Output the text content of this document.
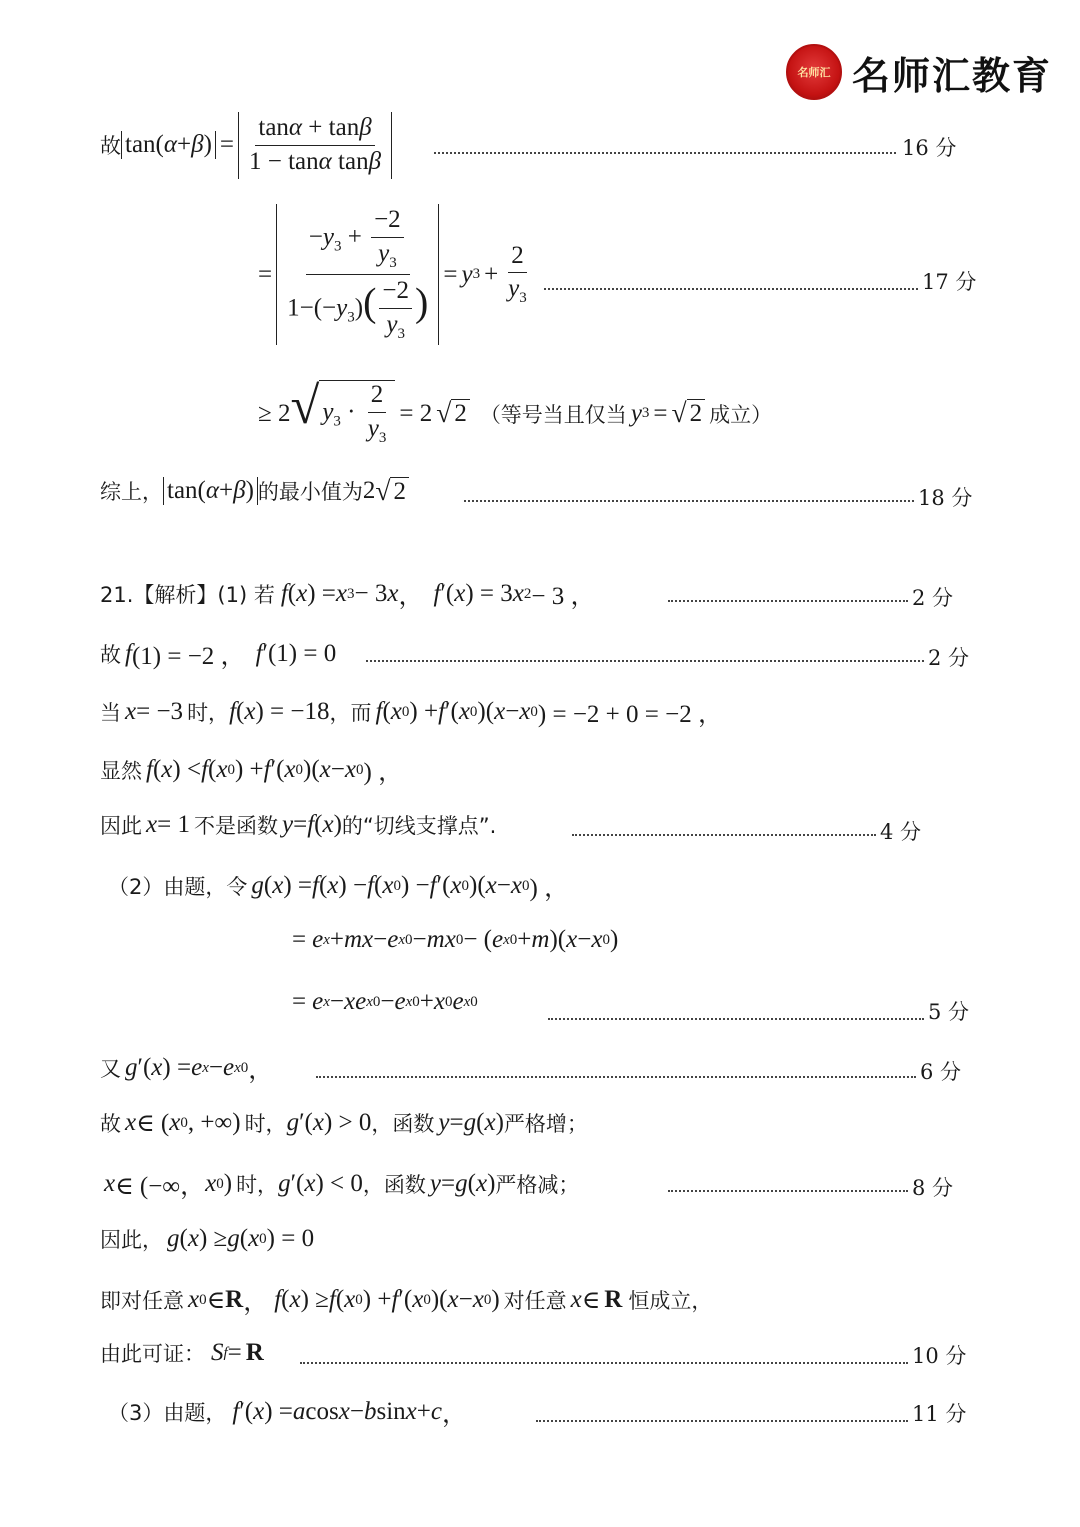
名师汇 名师汇教育
故 $\tan(\alpha+\beta) = \frac{\tan\alpha + \tan\beta}{\text{1 − tanα tanβ}}$	16 分
= $\frac{-y_3 + \frac{-2}{y_3}}{1-(-y_3)( \frac{-2}{y_3} )} = y$ $3 + \frac{2}{y_3}$	17 分
≥ 2 √ $y_3 \cdot \frac{2}{y_3} = 2$ √ 2 （等号当且仅当 y 3 = √ 2 成立）
综上， tan(α+β) 的最小值为 2 √ 2	18 分
21.【解析】(1) 若 f ( x ) = x 3 − 3 x ， f ′( x ) = 3 x 2 − 3 ，	2 分
故 f (1) = −2 ， f ′(1) = 0	2 分
当 x = −3 时， f ( x ) = −18 ，而 f ( x 0 ) + f ′( x 0 )( x − x 0 ) = −2 + 0 = −2 ，
显然 f ( x ) < f ( x 0 ) + f ′( x 0 )( x − x 0 ) ，
因此 x = 1 不是函数 y = f ( x ) 的“切线支撑点”.	4 分
（2）由题，令 g ( x ) = f ( x ) − f ( x 0 ) − f ′( x 0 )( x − x 0 ) ，
= e x + mx − e x0 − mx 0 − ( e x0 + m )( x − x 0 )
= e x − xe x0 − e x0 + x 0 e x0	5 分
又 g ′( x ) = e x − e x0 ，	6 分
故 x ∈ ( x 0 , +∞) 时， g ′( x ) > 0 ，函数 y = g ( x ) 严格增；
x ∈ (−∞， x 0 ) 时， g ′( x ) < 0 ，函数 y = g ( x ) 严格减；	8 分
因此， g ( x ) ≥ g ( x 0 ) = 0
即对任意 x 0 ∈ R ， f ( x ) ≥ f ( x 0 ) + f ′( x 0 )( x − x 0 ) 对任意 x ∈ R 恒成立，
由此可证： S f = R	10 分
（3）由题， f ′( x ) = a cos x − b sin x + c ，	11 分
